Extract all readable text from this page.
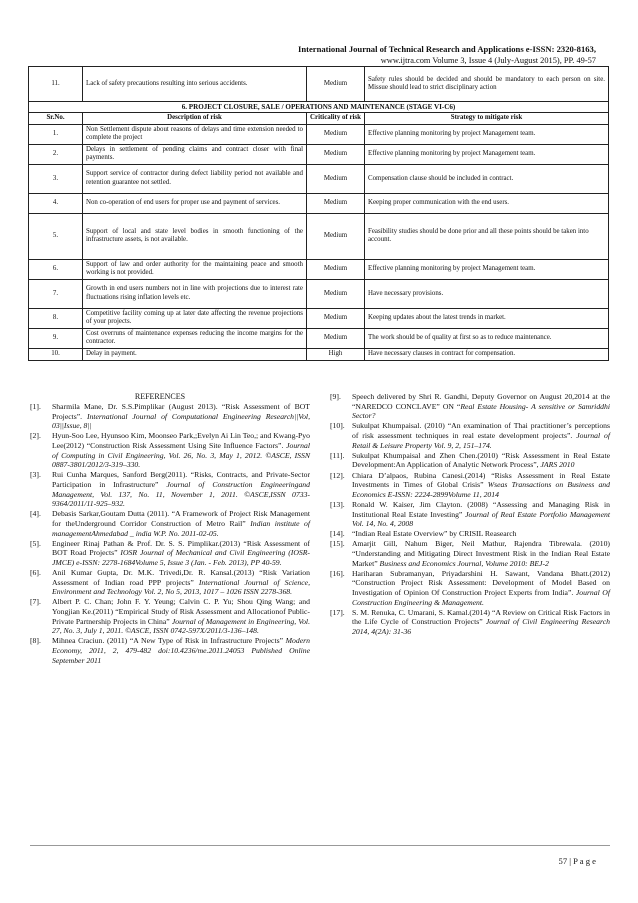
International Journal of Technical Research and Applications e-ISSN: 2320-8163,
www.ijtra.com Volume 3, Issue 4 (July-August 2015), PP. 49-57
11.	Lack of safety precautions resulting into serious accidents.	Medium	Safety rules should be decided and should be mandatory to each person on site. Missue should lead to strict disciplinary action
6. PROJECT CLOSURE, SALE / OPERATIONS AND MAINTENANCE (STAGE VI-C6)			
Sr.No.	Description of risk	Criticality of risk	Strategy to mitigate risk
1.	Non Settlement dispute about reasons of delays and time extension needed to complete the project	Medium	Effective planning monitoring by project Management team.
2.	Delays in settlement of pending claims and contract closer with final payments.	Medium	Effective planning monitoring by project Management team.
3.	Support service of contractor during defect liability period not available and retention guarantee not settled.	Medium	Compensation clause should be included in contract.
4.	Non co-operation of end users for proper use and payment of services.	Medium	Keeping proper communication with the end users.
5.	Support of local and state level bodies in smooth functioning of the infrastructure assets, is not available.	Medium	Feasibility studies should be done prior and all these points should be taken into account.
6.	Support of law and order authority for the maintaining peace and smooth working is not provided.	Medium	Effective planning monitoring by project Management team.
7.	Growth in end users numbers not in line with projections due to interest rate fluctuations rising inflation levels etc.	Medium	Have necessary provisions.
8.	Competitive facility coming up at later date affecting the revenue projections of your projects.	Medium	Keeping updates about the latest trends in market.
9.	Cost overruns of maintenance expenses reducing the income margins for the contractor.	Medium	The work should be of quality at first so as to reduce maintenance.
10.	Delay in payment.	High	Have necessary clauses in contract for compensation.
REFERENCES
[1].	Sharmila Mane, Dr. S.S.Pimplikar (August 2013). “Risk Assessment of BOT Projects”. International Journal of Computational Engineering Research||Vol, 03||Issue, 8||
[2].	Hyun-Soo Lee, Hyunsoo Kim, Moonseo Park,;Evelyn Ai Lin Teo,; and Kwang-Pyo Lee(2012) “Construction Risk Assessment Using Site Influence Factors”. Journal of Computing in Civil Engineering, Vol. 26, No. 3, May 1, 2012. ©ASCE, ISSN 0887-3801/2012/3-319–330.
[3].	Rui Cunha Marques, Sanford Berg(2011). “Risks, Contracts, and Private-Sector Participation in Infrastructure” Journal of Construction Engineeringand Management, Vol. 137, No. 11, November 1, 2011. ©ASCE,ISSN 0733-9364/2011/11-925–932.
[4].	Debasis Sarkar,Goutam Dutta (2011). “A Framework of Project Risk Management for theUnderground Corridor Construction of Metro Rail” Indian institute of managementAhmedabad _ india W.P. No. 2011-02-05.
[5].	Engineer Rinaj Pathan & Prof. Dr. S. S. Pimplikar.(2013) “Risk Assessment of BOT Road Projects” IOSR Journal of Mechanical and Civil Engineering (IOSR-JMCE) e-ISSN: 2278-1684Volume 5, Issue 3 (Jan. - Feb. 2013), PP 40-59.
[6].	Anil Kumar Gupta, Dr. M.K. Trivedi,Dr. R. Kansal.(2013) “Risk Variation Assessment of Indian road PPP projects” International Journal of Science, Environment and Technology Vol. 2, No 5, 2013, 1017 – 1026 ISSN 2278-368.
[7].	Albert P. C. Chan; John F. Y. Yeung; Calvin C. P. Yu; Shou Qing Wang; and Yongjian Ke.(2011) “Empirical Study of Risk Assessment and Allocationof Public-Private Partnership Projects in China” Journal of Management in Engineering, Vol. 27, No. 3, July 1, 2011. ©ASCE, ISSN 0742-597X/2011/3-136–148.
[8].	Mihnea Craciun. (2011) “A New Type of Risk in Infrastructure Projects” Modern Economy, 2011, 2, 479-482 doi:10.4236/me.2011.24053 Published Online September 2011
[9].	Speech delivered by Shri R. Gandhi, Deputy Governor on August 20,2014 at the “NAREDCO CONCLAVE” ON “Real Estate Housing- A sensitive or Samriddhi Sector?
[10]. Sukulpat Khumpaisal. (2010) “An examination of Thai practitioner’s perceptions of risk assessment techniques in real estate development projects”. Journal of Retail & Leisure Property Vol. 9, 2, 151–174.
[11]. Sukulpat Khumpaisal and Zhen Chen.(2010) “Risk Assessment in Real Estate Development:An Application of Analytic Network Process”, JARS 2010
[12]. Chiara D’alpaos, Rubina Canesi.(2014) “Risks Assessment in Real Estate Investments in Times of Global Crisis” Wseas Transactions on Business and Economics E-ISSN: 2224-2899Volume 11, 2014
[13]. Ronald W. Kaiser, Jim Clayton. (2008) “Assessing and Managing Risk in Institutional Real Estate Investing” Journal of Real Estate Portfolio Management Vol. 14, No. 4, 2008
[14]. “Indian Real Estate Overview” by CRISIL Reasearch
[15]. Amarjit Gill, Nahum Biger, Neil Mathur, Rajendra Tibrewala. (2010) “Understanding and Mitigating Direct Investment Risk in the Indian Real Estate Market” Business and Economics Journal, Volume 2010: BEJ-2
[16]. Hariharan Subramanyan, Priyadarshini H. Sawant, Vandana Bhatt.(2012) “Construction Project Risk Assessment: Development of Model Based on Investigation of Opinion Of Construction Project Experts from India”. Journal Of Construction Engineering & Management.
[17]. S. M. Renuka, C. Umarani, S. Kamal.(2014) “A Review on Critical Risk Factors in the Life Cycle of Construction Projects” Journal of Civil Engineering Research 2014, 4(2A): 31-36
57 | P a g e
